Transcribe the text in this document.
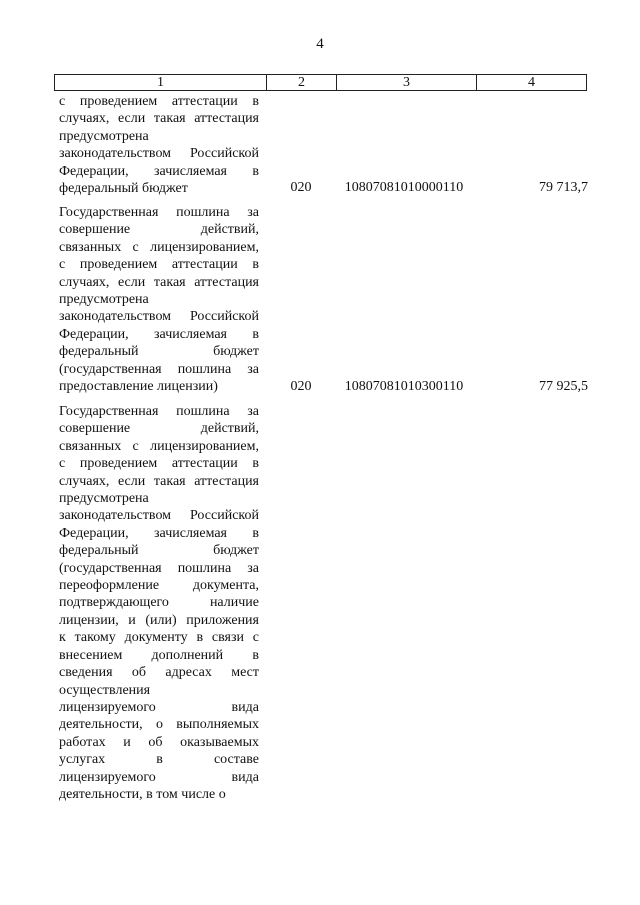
4
1	2	3	4
с проведением аттестации в
случаях, если такая аттестация
предусмотрена
законодательством Российской
Федерации, зачисляемая в
федеральный бюджет	020	10807081010000110	79 713,7
Государственная пошлина за
совершение действий,
связанных с лицензированием,
с проведением аттестации в
случаях, если такая аттестация
предусмотрена
законодательством Российской
Федерации, зачисляемая в
федеральный бюджет
(государственная пошлина за
предоставление лицензии)	020	10807081010300110	77 925,5
Государственная пошлина за
совершение действий,
связанных с лицензированием,
с проведением аттестации в
случаях, если такая аттестация
предусмотрена
законодательством Российской
Федерации, зачисляемая в
федеральный бюджет
(государственная пошлина за
переоформление документа,
подтверждающего наличие
лицензии, и (или) приложения
к такому документу в связи с
внесением дополнений в
сведения об адресах мест
осуществления
лицензируемого вида
деятельности, о выполняемых
работах и об оказываемых
услугах в составе
лицензируемого вида
деятельности, в том числе о
